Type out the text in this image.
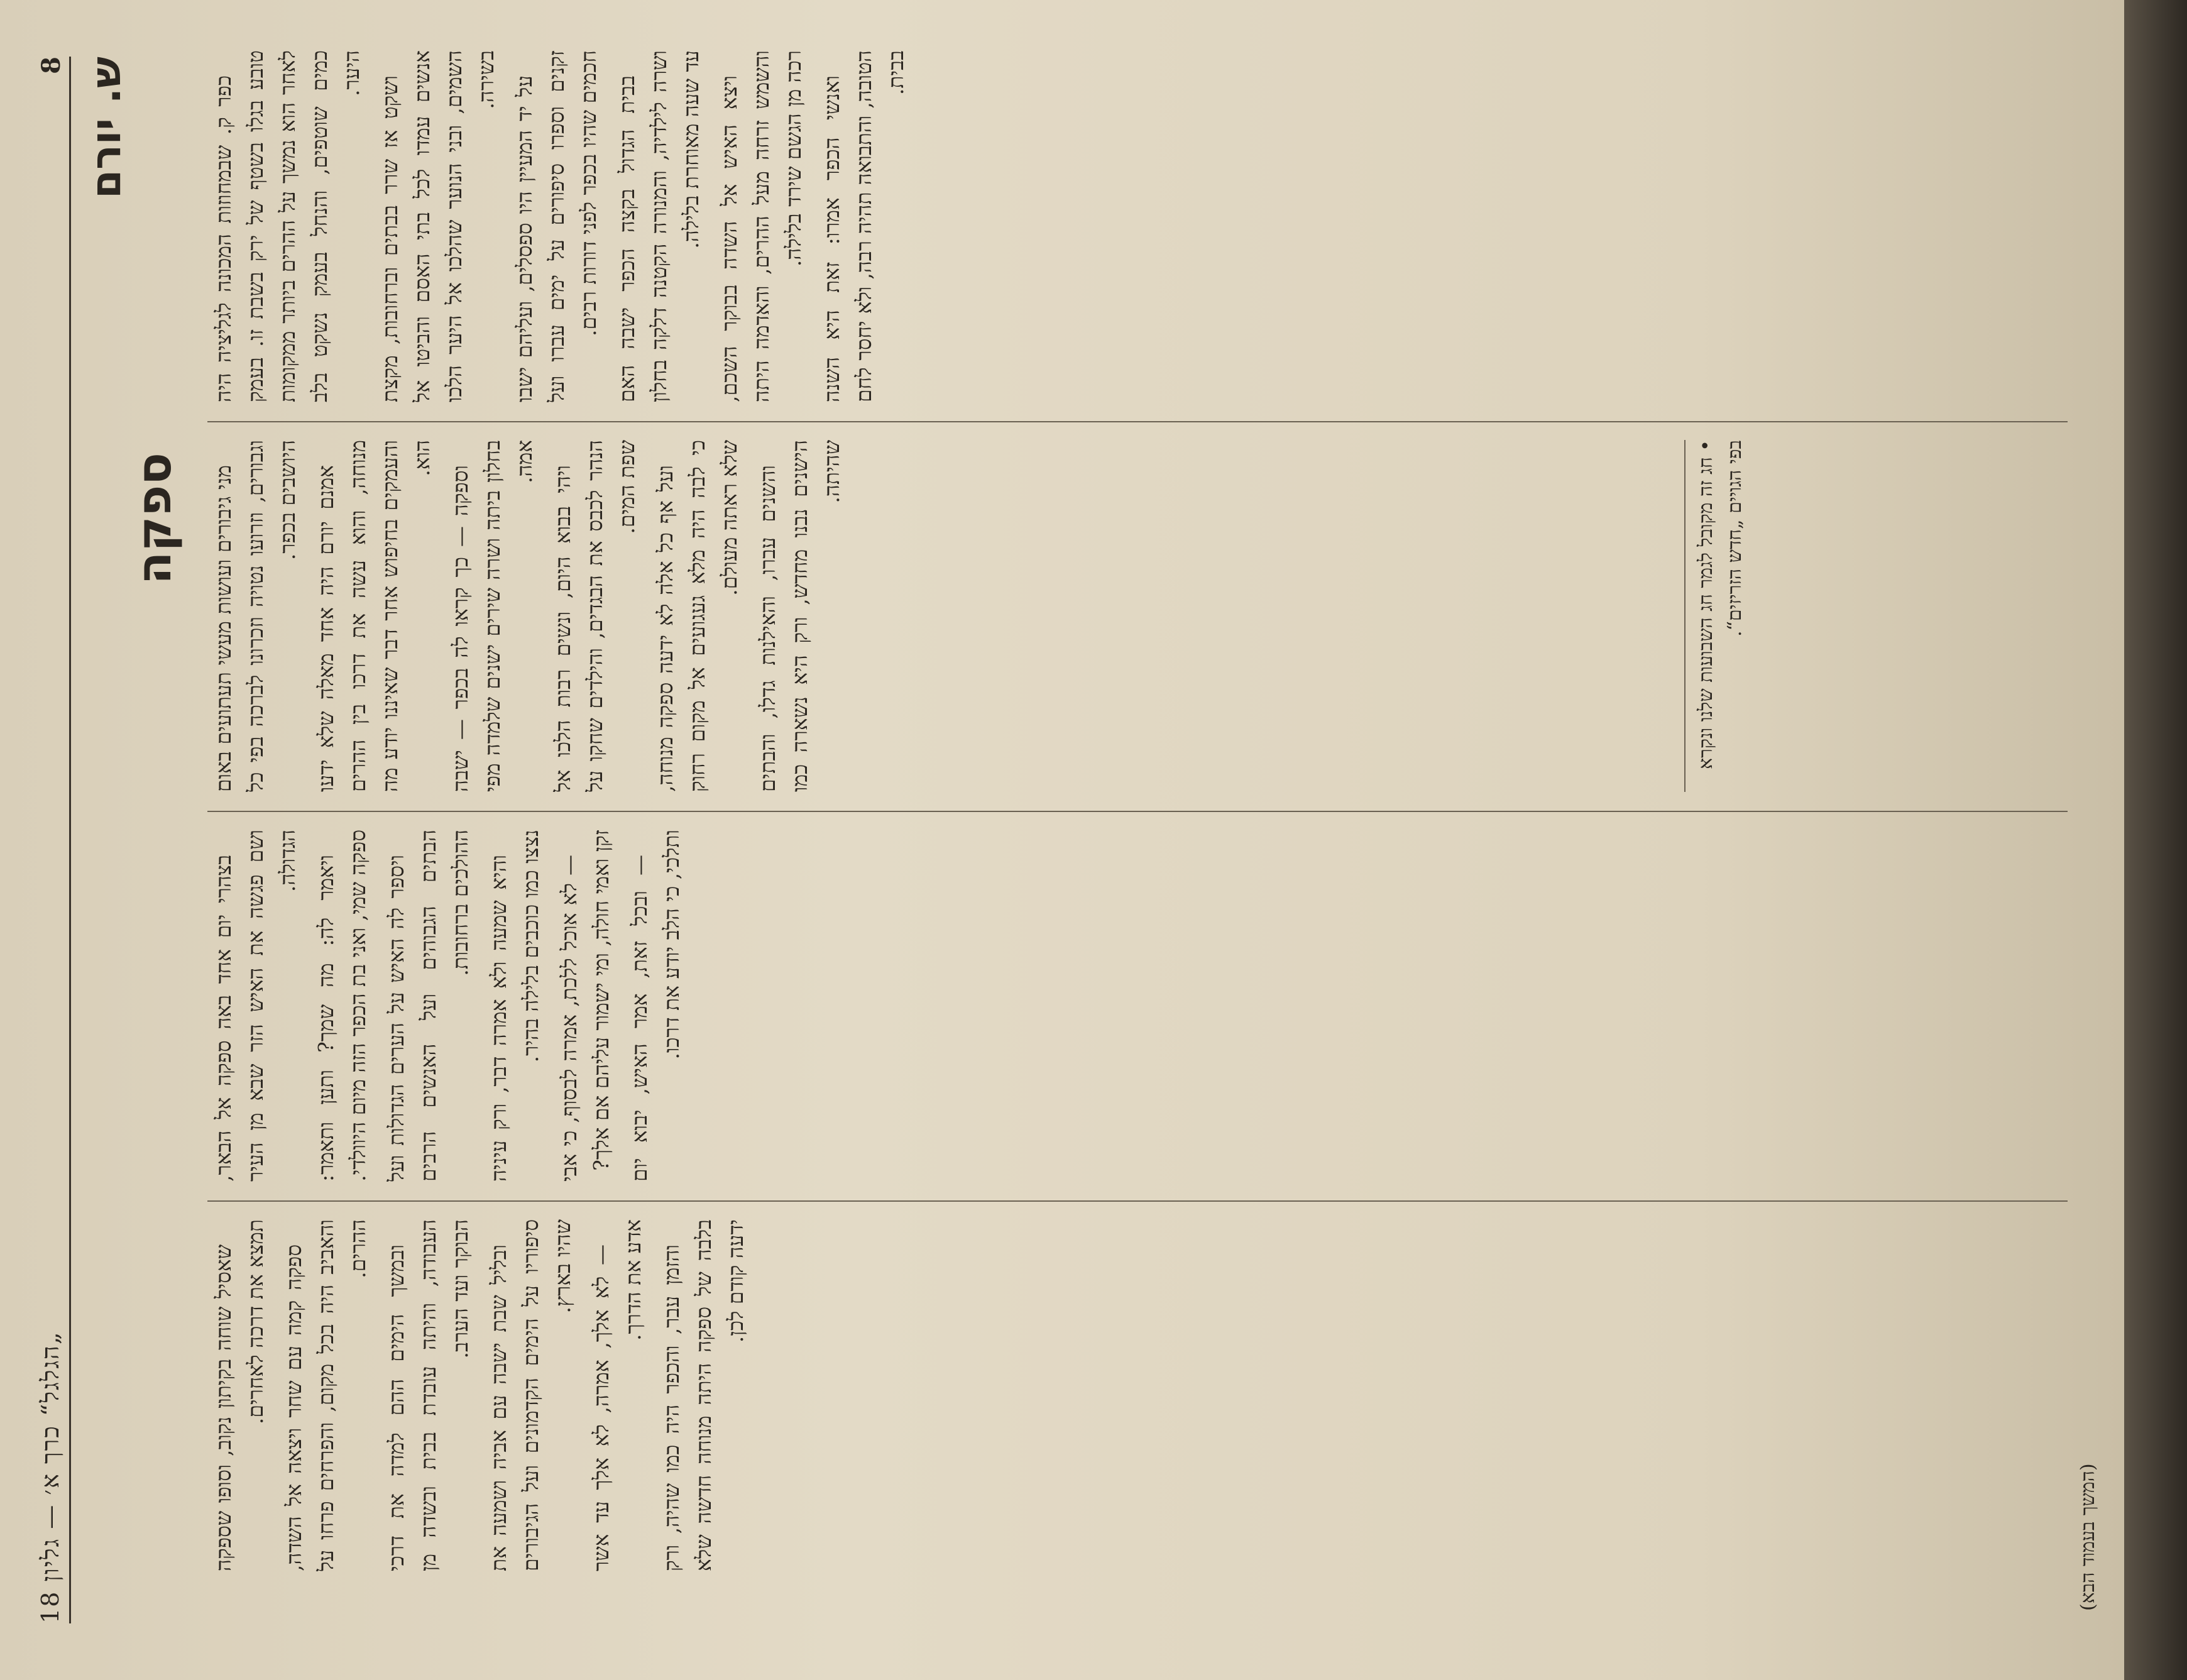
8
„הגלגל“ כרך א׳ — גליון 18
ש. יורם
ספקה

כפר ק. שבמחוזות המכונה לגליציה היה טובע בגלו בשטף של ירק בשבת זו. בעמק לאחר הוא נמשך על ההרים ביותר ממקומות כמים שוטפים, והנחל בעמק נשקט בלב היער.

ושקט אז שרר בבתים וברחובות, מקצת אנשים עמדו לכל בתי האסם והביטו אל השמים, ובני הנוער שהלכו אל היער הלכו בשירה. על יד המעיין היו ספסלים, ועליהם ישבו זקנים וספרו סיפורים על ימים עברו ועל חכמים שהיו בכפר לפני דורות רבים. בבית הגדול בקצה הכפר ישבה האם ושרה לילדיה, והמנורה הקטנה דלקה בחלון עד שעה מאוחרת בלילה. ויצא האיש אל השדה בבוקר השכם, והשמש זרחה מעל ההרים, והאדמה היתה רכה מן הגשם שירד בלילה. ואנשי הכפר אמרו: זאת היא השנה הטובה, והתבואה תהיה רבה, ולא יחסר לחם בבית.

מני גיבורים ועושות מעשי תעתועים באום וגבורים, וזרועו נטויה וזכרונו לברכה בפי כל היושבים בכפר. אמנם יורם היה אחד מאלה שלא ידעו מנוחה, והוא עשה את דרכו בין ההרים והעמקים בחיפוש אחר דבר שאיננו יודע מה הוא.

וספקה — כך קראו לה בכפר — ישבה בחלון ביתה ושרה שירים ישנים שלמדה מפי אמה.

ויהי בבוא היום, ונשים רבות הלכו אל הנהר לכבס את הבגדים, והילדים שחקו על שפת המים. ועל אף כל אלה לא ידעה ספקה מנוחה, כי לבה היה מלא געגועים אל מקום רחוק שלא ראתה מעולם. והשנים עברו, והאילנות גדלו, והבתים הישנים נבנו מחדש, ורק היא נשארה כמו שהיתה.	• חג זה מקובל לגמר חג השבועות שלנו ונקרא בפי הגויים „חדש הזריזים“.

בצהרי יום אחד באה ספקה אל הבאר, ושם פגשה את האיש הזר שבא מן העיר הגדולה. ויאמר לה: מה שמך? ותען ותאמר: ספקה שמי, ואני בת הכפר הזה מיום היוולדי. ויספר לה האיש על הערים הגדולות ועל הבתים הגבוהים ועל האנשים הרבים ההולכים ברחובות. והיא שמעה ולא אמרה דבר, ורק עיניה נצצו כמו כוכבים בלילה בהיר. — לא אוכל ללכת, אמרה לבסוף, כי אבי זקן ואמי חולה, ומי ישמור עליהם אם אלך? — ובכל זאת, אמר האיש, יבוא יום ותלכי, כי הלב יודע את דרכו.

שאסיל שוחה בקיתון נקוב, וסופו שספקה תמצא את דרכה לאחרים. ספקה קמה עם שחר ויצאה אל השדה, והאביב היה בכל מקום, והפרחים פרחו על ההרים. ובמשך הימים ההם למדה את דרכי העבודה, והיתה עובדת בבית ובשדה מן הבוקר ועד הערב. ובליל שבת ישבה עם אביה ושמעה את סיפוריו על הימים הקדמונים ועל הגיבורים שהיו בארץ. — לא אלך, אמרה, לא אלך עד אשר אדע את הדרך. והזמן עבר, והכפר היה כמו שהיה, ורק בלבה של ספקה היתה מנוחה חדשה שלא ידעה קודם לכן.

(המשך בעמוד הבא)
